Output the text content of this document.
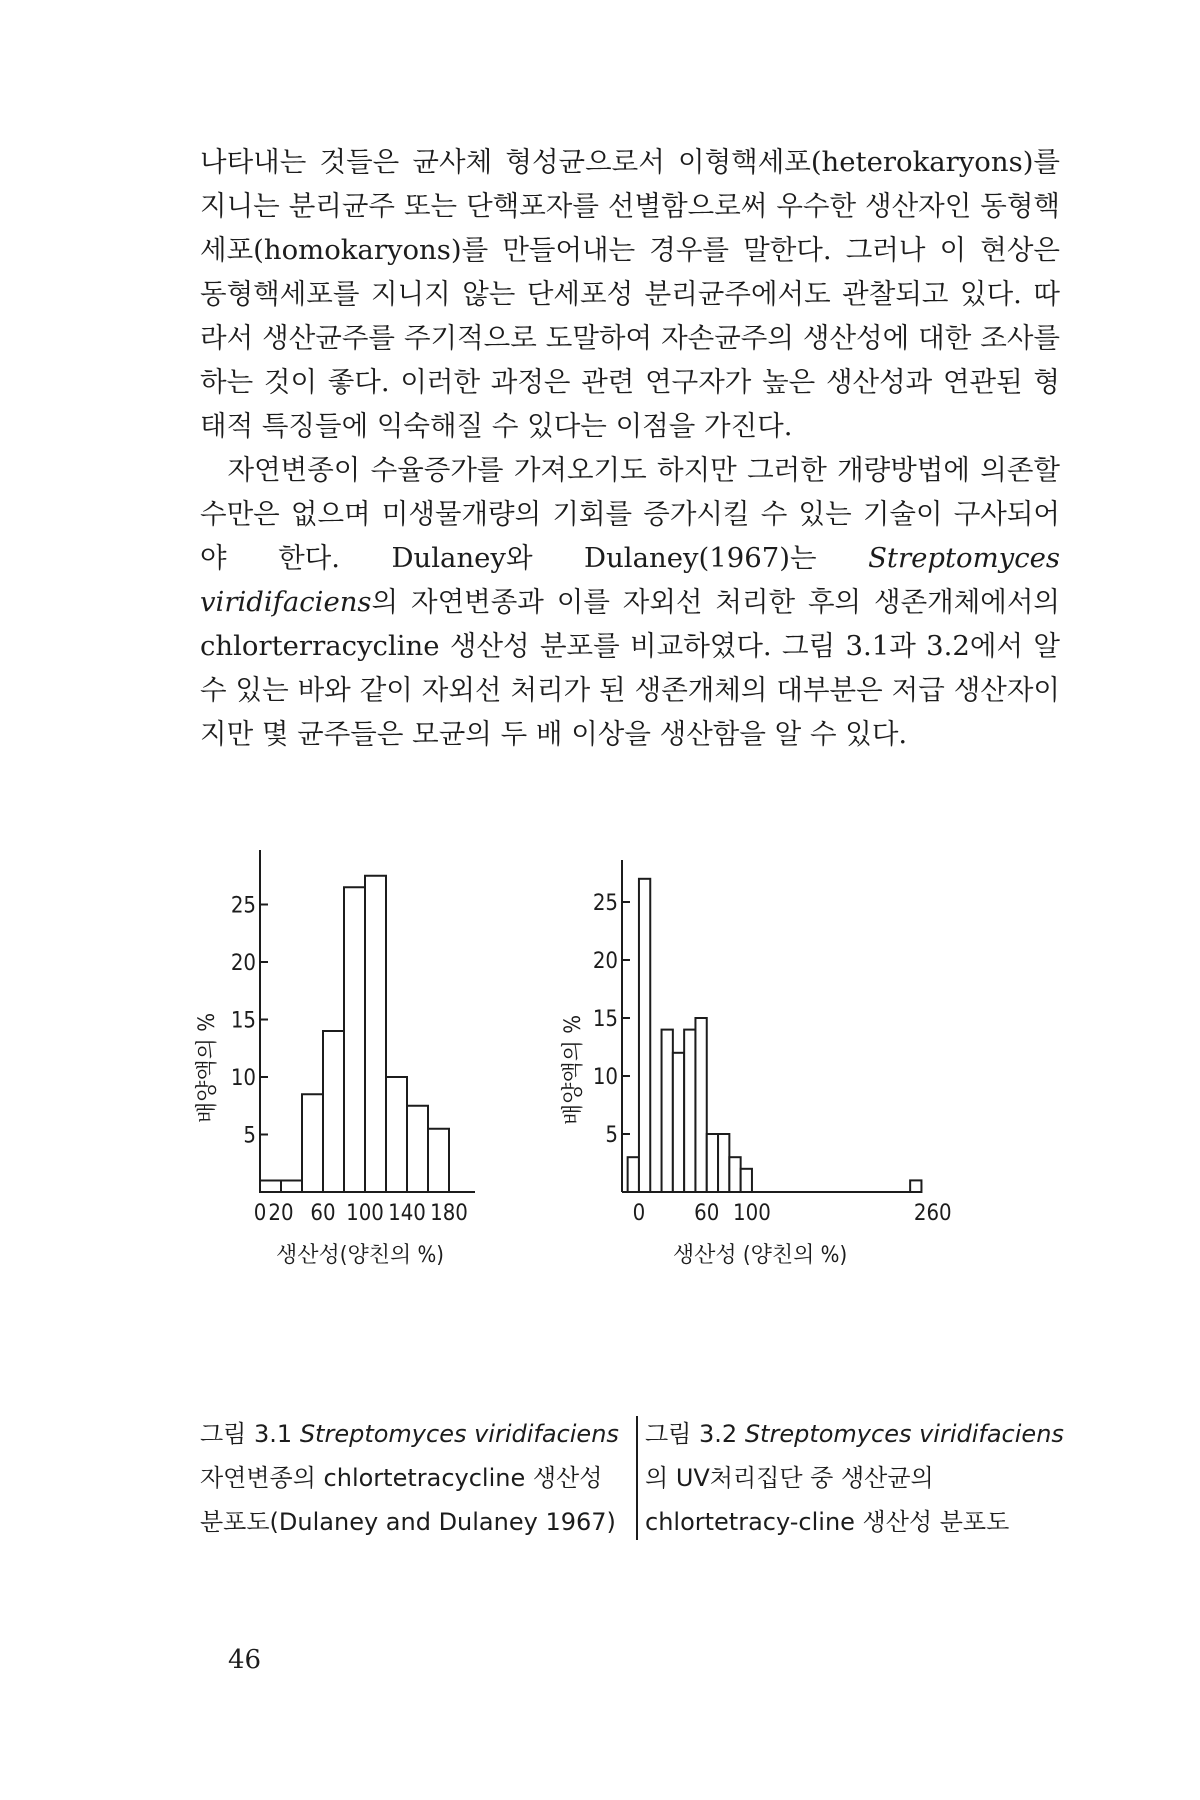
나타내는 것들은 균사체 형성균으로서 이형핵세포(heterokaryons)를 지니는 분리균주 또는 단핵포자를 선별함으로써 우수한 생산자인 동형핵세포(homokaryons)를 만들어내는 경우를 말한다. 그러나 이 현상은 동형핵세포를 지니지 않는 단세포성 분리균주에서도 관찰되고 있다. 따라서 생산균주를 주기적으로 도말하여 자손균주의 생산성에 대한 조사를 하는 것이 좋다. 이러한 과정은 관련 연구자가 높은 생산성과 연관된 형태적 특징들에 익숙해질 수 있다는 이점을 가진다.

자연변종이 수율증가를 가져오기도 하지만 그러한 개량방법에 의존할 수만은 없으며 미생물개량의 기회를 증가시킬 수 있는 기술이 구사되어야 한다. Dulaney와 Dulaney(1967)는 Streptomyces viridifaciens의 자연변종과 이를 자외선 처리한 후의 생존개체에서의 chlorterracycline 생산성 분포를 비교하였다. 그림 3.1과 3.2에서 알 수 있는 바와 같이 자외선 처리가 된 생존개체의 대부분은 저급 생산자이지만 몇 균주들은 모균의 두 배 이상을 생산함을 알 수 있다.

5
10
15
20
25
0 20 60 100 140 180
생산성(양친의 %)
배양액의 %
5
10
15
20
25
0 60 100	260
생산성 (양친의 %)
배양액의 %
그림 3.1 Streptomyces viridifaciens 자연변종의 chlortetracycline 생산성 분포도(Dulaney and Dulaney 1967)
그림 3.2 Streptomyces viridifaciens의 UV처리집단 중 생산균의 chlortetracy-cline 생산성 분포도
46
